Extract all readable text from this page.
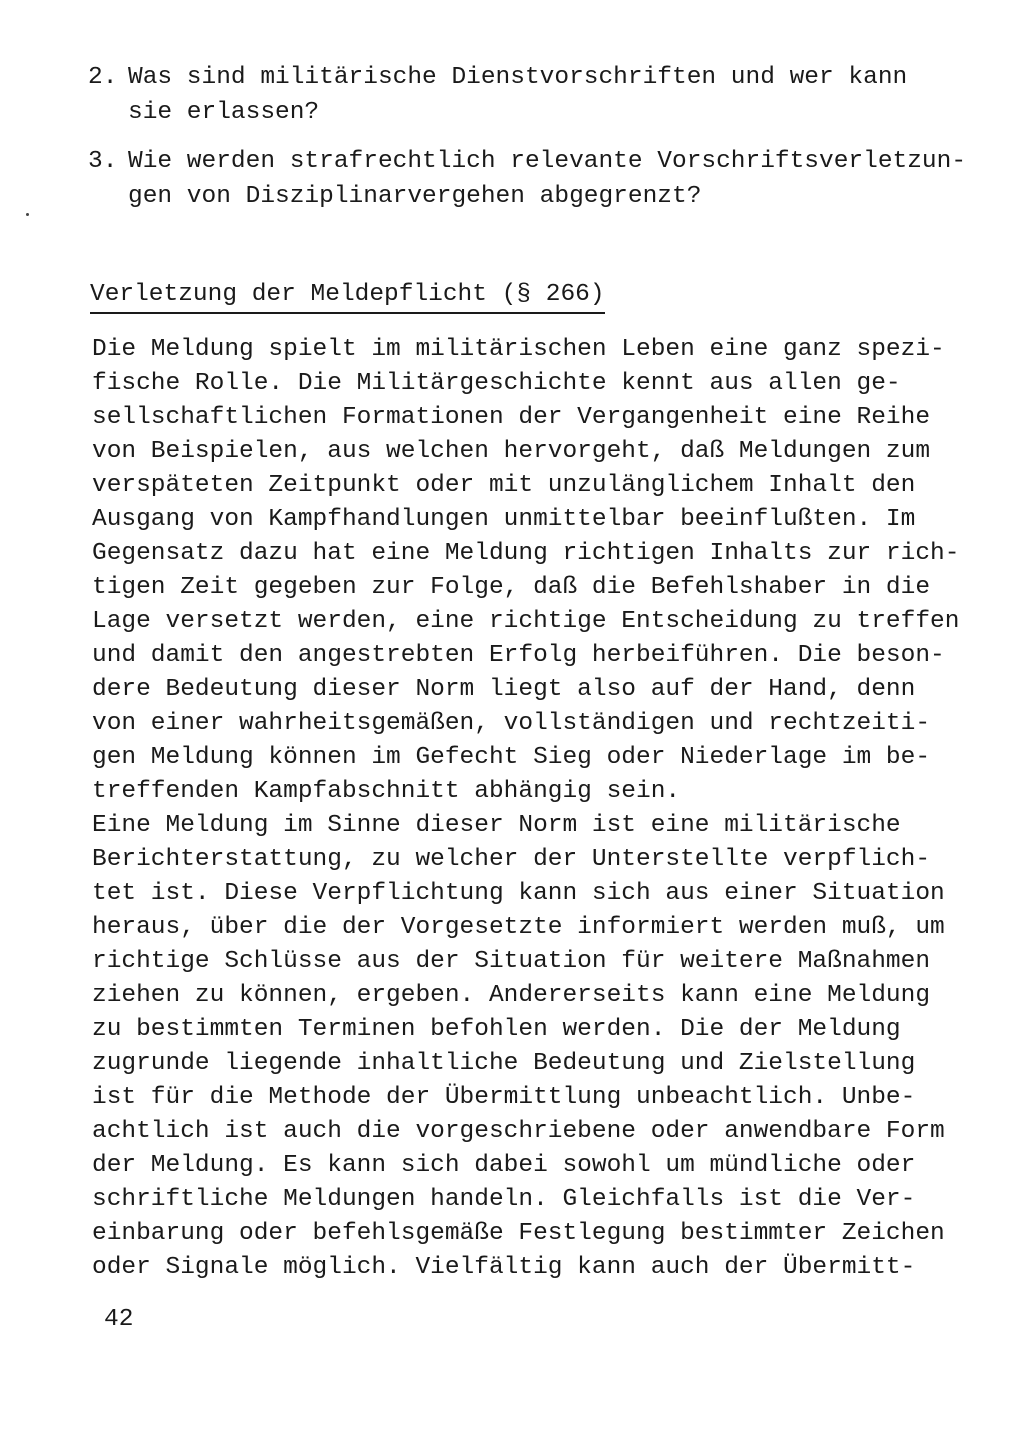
2. Was sind militärische Dienstvorschriften und wer kann
sie erlassen?
3. Wie werden strafrechtlich relevante Vorschriftsverletzun-
gen von Disziplinarvergehen abgegrenzt?
Verletzung der Meldepflicht (§ 266)
Die Meldung spielt im militärischen Leben eine ganz spezi-
fische Rolle. Die Militärgeschichte kennt aus allen ge-
sellschaftlichen Formationen der Vergangenheit eine Reihe
von Beispielen, aus welchen hervorgeht, daß Meldungen zum
verspäteten Zeitpunkt oder mit unzulänglichem Inhalt den
Ausgang von Kampfhandlungen unmittelbar beeinflußten. Im
Gegensatz dazu hat eine Meldung richtigen Inhalts zur rich-
tigen Zeit gegeben zur Folge, daß die Befehlshaber in die
Lage versetzt werden, eine richtige Entscheidung zu treffen
und damit den angestrebten Erfolg herbeiführen. Die beson-
dere Bedeutung dieser Norm liegt also auf der Hand, denn
von einer wahrheitsgemäßen, vollständigen und rechtzeiti-
gen Meldung können im Gefecht Sieg oder Niederlage im be-
treffenden Kampfabschnitt abhängig sein.
Eine Meldung im Sinne dieser Norm ist eine militärische
Berichterstattung, zu welcher der Unterstellte verpflich-
tet ist. Diese Verpflichtung kann sich aus einer Situation
heraus, über die der Vorgesetzte informiert werden muß, um
richtige Schlüsse aus der Situation für weitere Maßnahmen
ziehen zu können, ergeben. Andererseits kann eine Meldung
zu bestimmten Terminen befohlen werden. Die der Meldung
zugrunde liegende inhaltliche Bedeutung und Zielstellung
ist für die Methode der Übermittlung unbeachtlich. Unbe-
achtlich ist auch die vorgeschriebene oder anwendbare Form
der Meldung. Es kann sich dabei sowohl um mündliche oder
schriftliche Meldungen handeln. Gleichfalls ist die Ver-
einbarung oder befehlsgemäße Festlegung bestimmter Zeichen
oder Signale möglich. Vielfältig kann auch der Übermitt-
42
